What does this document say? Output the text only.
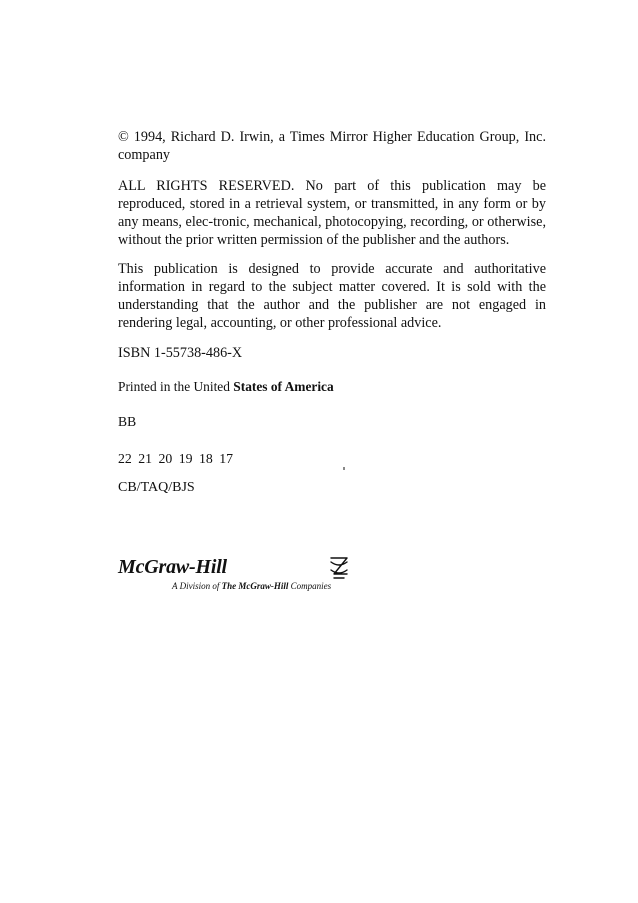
© 1994, Richard D. Irwin, a Times Mirror Higher Education Group, Inc. company

ALL RIGHTS RESERVED. No part of this publication may be reproduced, stored in a retrieval system, or transmitted, in any form or by any means, elec-tronic, mechanical, photocopying, recording, or otherwise, without the prior written permission of the publisher and the authors.

This publication is designed to provide accurate and authoritative information in regard to the subject matter covered. It is sold with the understanding that the author and the publisher are not engaged in rendering legal, accounting, or other professional advice.

ISBN 1-55738-486-X

Printed in the United States of America

BB

22 21 20 19 18 17

CB/TAQ/BJS

McGraw-Hill
A Division of The McGraw-Hill Companies
